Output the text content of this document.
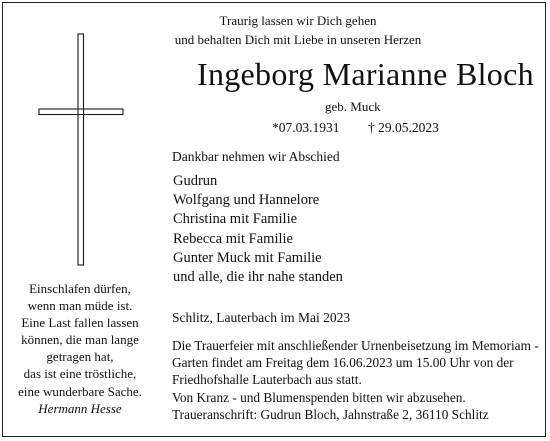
Traurig lassen wir Dich gehen
und behalten Dich mit Liebe in unseren Herzen
Ingeborg Marianne Bloch
geb. Muck
*07.03.1931 † 29.05.2023
Dankbar nehmen wir Abschied
Gudrun
Wolfgang und Hannelore
Christina mit Familie
Rebecca mit Familie
Gunter Muck mit Familie
und alle, die ihr nahe standen
Schlitz, Lauterbach im Mai 2023
Die Trauerfeier mit anschließender Urnenbeisetzung im Memoriam -
Garten findet am Freitag dem 16.06.2023 um 15.00 Uhr von der
Friedhofshalle Lauterbach aus statt.
Von Kranz - und Blumenspenden bitten wir abzusehen.
Traueranschrift: Gudrun Bloch, Jahnstraße 2, 36110 Schlitz
Einschlafen dürfen,
wenn man müde ist.
Eine Last fallen lassen
können, die man lange
getragen hat,
das ist eine tröstliche,
eine wunderbare Sache.
Hermann Hesse
